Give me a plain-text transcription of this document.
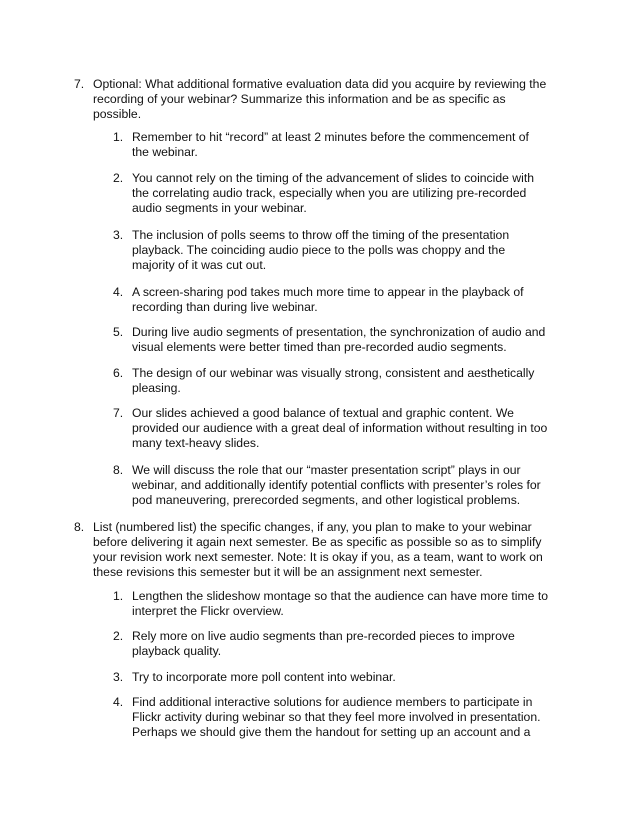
7. Optional: What additional formative evaluation data did you acquire by reviewing the
recording of your webinar? Summarize this information and be as specific as
possible.
1. Remember to hit “record” at least 2 minutes before the commencement of
the webinar.
2. You cannot rely on the timing of the advancement of slides to coincide with
the correlating audio track, especially when you are utilizing pre-recorded
audio segments in your webinar.
3. The inclusion of polls seems to throw off the timing of the presentation
playback. The coinciding audio piece to the polls was choppy and the
majority of it was cut out.
4. A screen-sharing pod takes much more time to appear in the playback of
recording than during live webinar.
5. During live audio segments of presentation, the synchronization of audio and
visual elements were better timed than pre-recorded audio segments.
6. The design of our webinar was visually strong, consistent and aesthetically
pleasing.
7. Our slides achieved a good balance of textual and graphic content. We
provided our audience with a great deal of information without resulting in too
many text-heavy slides.
8. We will discuss the role that our “master presentation script” plays in our
webinar, and additionally identify potential conflicts with presenter’s roles for
pod maneuvering, prerecorded segments, and other logistical problems.
8. List (numbered list) the specific changes, if any, you plan to make to your webinar
before delivering it again next semester. Be as specific as possible so as to simplify
your revision work next semester. Note: It is okay if you, as a team, want to work on
these revisions this semester but it will be an assignment next semester.
1. Lengthen the slideshow montage so that the audience can have more time to
interpret the Flickr overview.
2. Rely more on live audio segments than pre-recorded pieces to improve
playback quality.
3. Try to incorporate more poll content into webinar.
4. Find additional interactive solutions for audience members to participate in
Flickr activity during webinar so that they feel more involved in presentation.
Perhaps we should give them the handout for setting up an account and a
